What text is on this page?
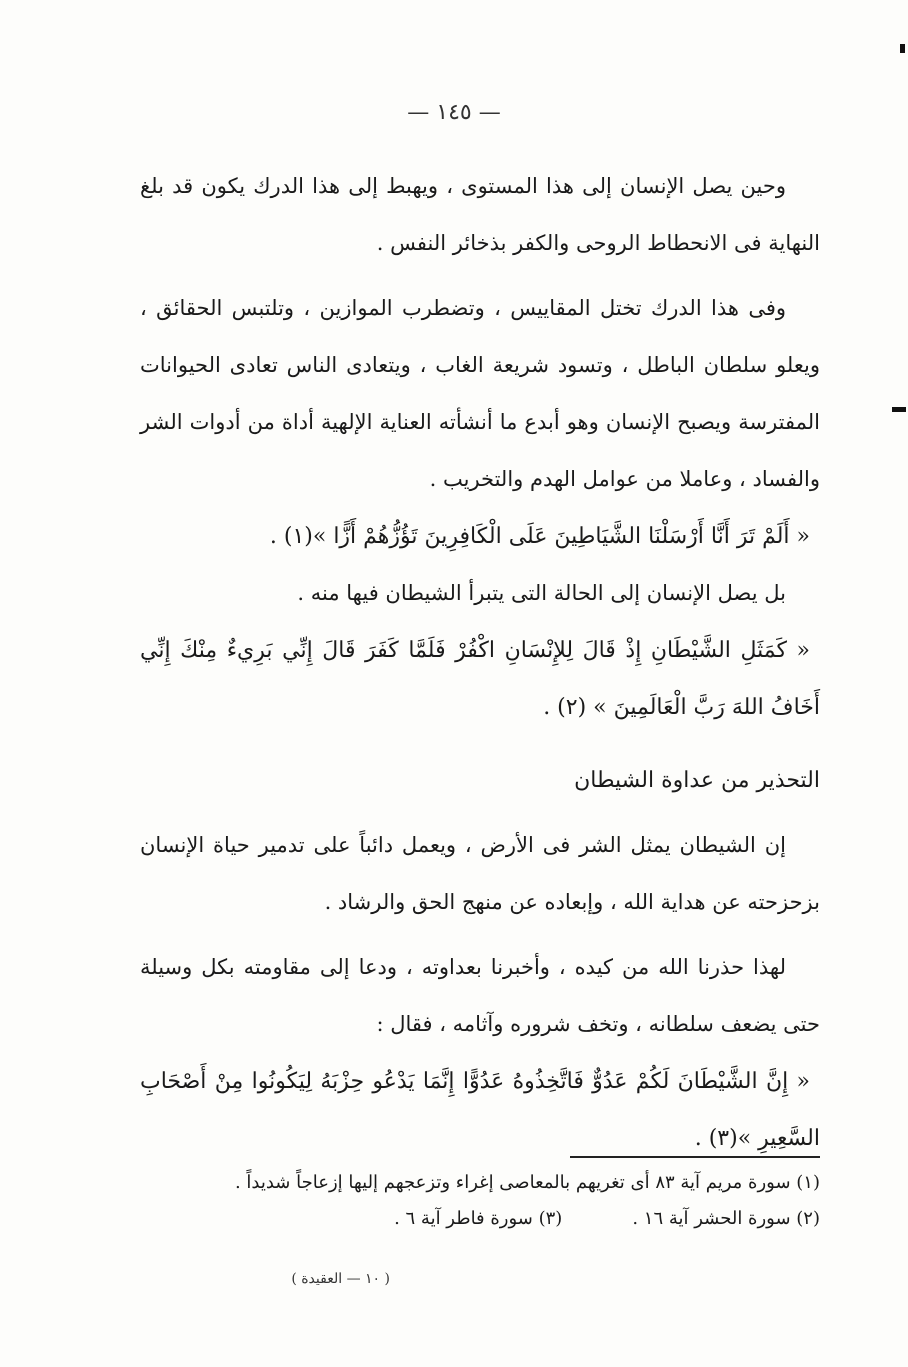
— ١٤٥ —

وحين يصل الإنسان إلى هذا المستوى ، ويهبط إلى هذا الدرك يكون قد بلغ النهاية فى الانحطاط الروحى والكفر بذخائر النفس .

وفى هذا الدرك تختل المقاييس ، وتضطرب الموازين ، وتلتبس الحقائق ، ويعلو سلطان الباطل ، وتسود شريعة الغاب ، ويتعادى الناس تعادى الحيوانات المفترسة ويصبح الإنسان وهو أبدع ما أنشأته العناية الإلهية أداة من أدوات الشر والفساد ، وعاملا من عوامل الهدم والتخريب .

« أَلَمْ تَرَ أَنَّا أَرْسَلْنَا الشَّيَاطِينَ عَلَى الْكَافِرِينَ تَؤُزُّهُمْ أَزًّا »(١) .

بل يصل الإنسان إلى الحالة التى يتبرأ الشيطان فيها منه .

« كَمَثَلِ الشَّيْطَانِ إِذْ قَالَ لِلإِنْسَانِ اكْفُرْ فَلَمَّا كَفَرَ قَالَ إِنِّي بَرِيءٌ مِنْكَ إِنِّي أَخَافُ اللهَ رَبَّ الْعَالَمِينَ » (٢) .

التحذير من عداوة الشيطان

إن الشيطان يمثل الشر فى الأرض ، ويعمل دائباً على تدمير حياة الإنسان بزحزحته عن هداية الله ، وإبعاده عن منهج الحق والرشاد .

لهذا حذرنا الله من كيده ، وأخبرنا بعداوته ، ودعا إلى مقاومته بكل وسيلة حتى يضعف سلطانه ، وتخف شروره وآثامه ، فقال :

« إِنَّ الشَّيْطَانَ لَكُمْ عَدُوٌّ فَاتَّخِذُوهُ عَدُوًّا إِنَّمَا يَدْعُو حِزْبَهُ لِيَكُونُوا مِنْ أَصْحَابِ السَّعِيرِ »(٣) .

(١) سورة مريم آية ٨٣ أى تغريهم بالمعاصى إغراء وتزعجهم إليها إزعاجاً شديداً .

(٢) سورة الحشر آية ١٦ .
(٣) سورة فاطر آية ٦ .
( ١٠ — العقيدة )
